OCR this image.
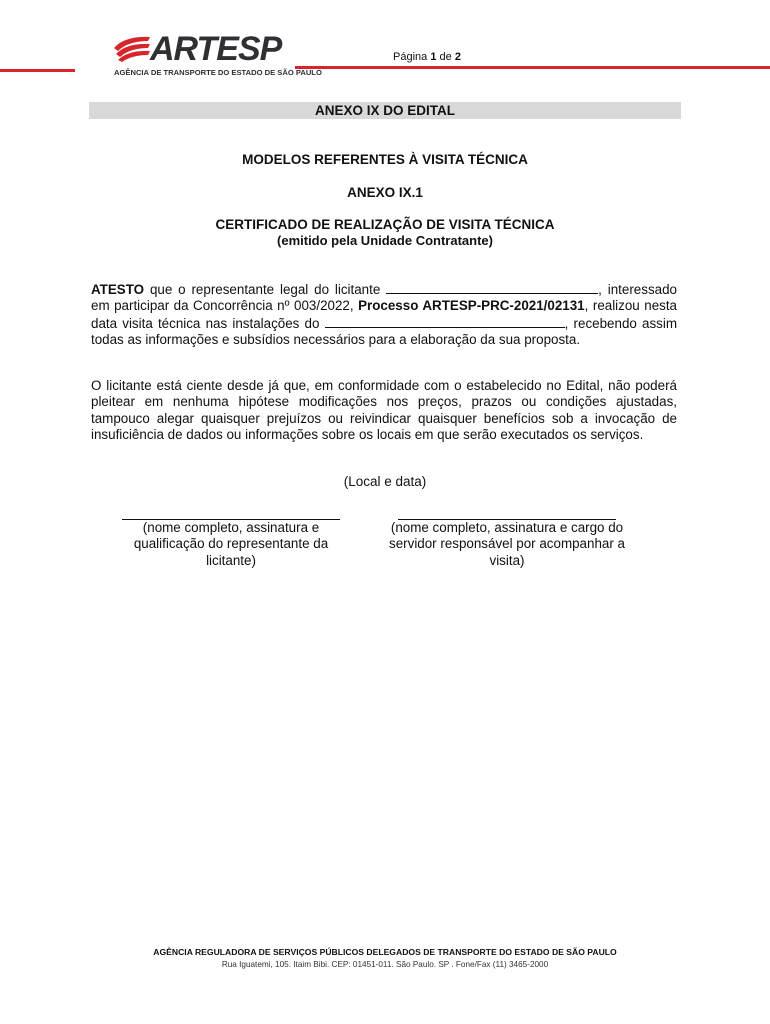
ARTESP
AGÊNCIA DE TRANSPORTE DO ESTADO DE SÃO PAULO
Página 1 de 2
ANEXO IX DO EDITAL
MODELOS REFERENTES À VISITA TÉCNICA
ANEXO IX.1
CERTIFICADO DE REALIZAÇÃO DE VISITA TÉCNICA
(emitido pela Unidade Contratante)
ATESTO que o representante legal do licitante	, interessado em participar da Concorrência nº 003/2022, Processo ARTESP-PRC-2021/02131, realizou nesta data visita técnica nas instalações do	, recebendo assim todas as informações e subsídios necessários para a elaboração da sua proposta.
O licitante está ciente desde já que, em conformidade com o estabelecido no Edital, não poderá pleitear em nenhuma hipótese modificações nos preços, prazos ou condições ajustadas, tampouco alegar quaisquer prejuízos ou reivindicar quaisquer benefícios sob a invocação de insuficiência de dados ou informações sobre os locais em que serão executados os serviços.
(Local e data)
(nome completo, assinatura e qualificação do representante da licitante)
(nome completo, assinatura e cargo do servidor responsável por acompanhar a visita)
AGÊNCIA REGULADORA DE SERVIÇOS PÚBLICOS DELEGADOS DE TRANSPORTE DO ESTADO DE SÃO PAULO
Rua Iguatemi, 105. Itaim Bibi. CEP: 01451-011. São Paulo. SP . Fone/Fax (11) 3465-2000
